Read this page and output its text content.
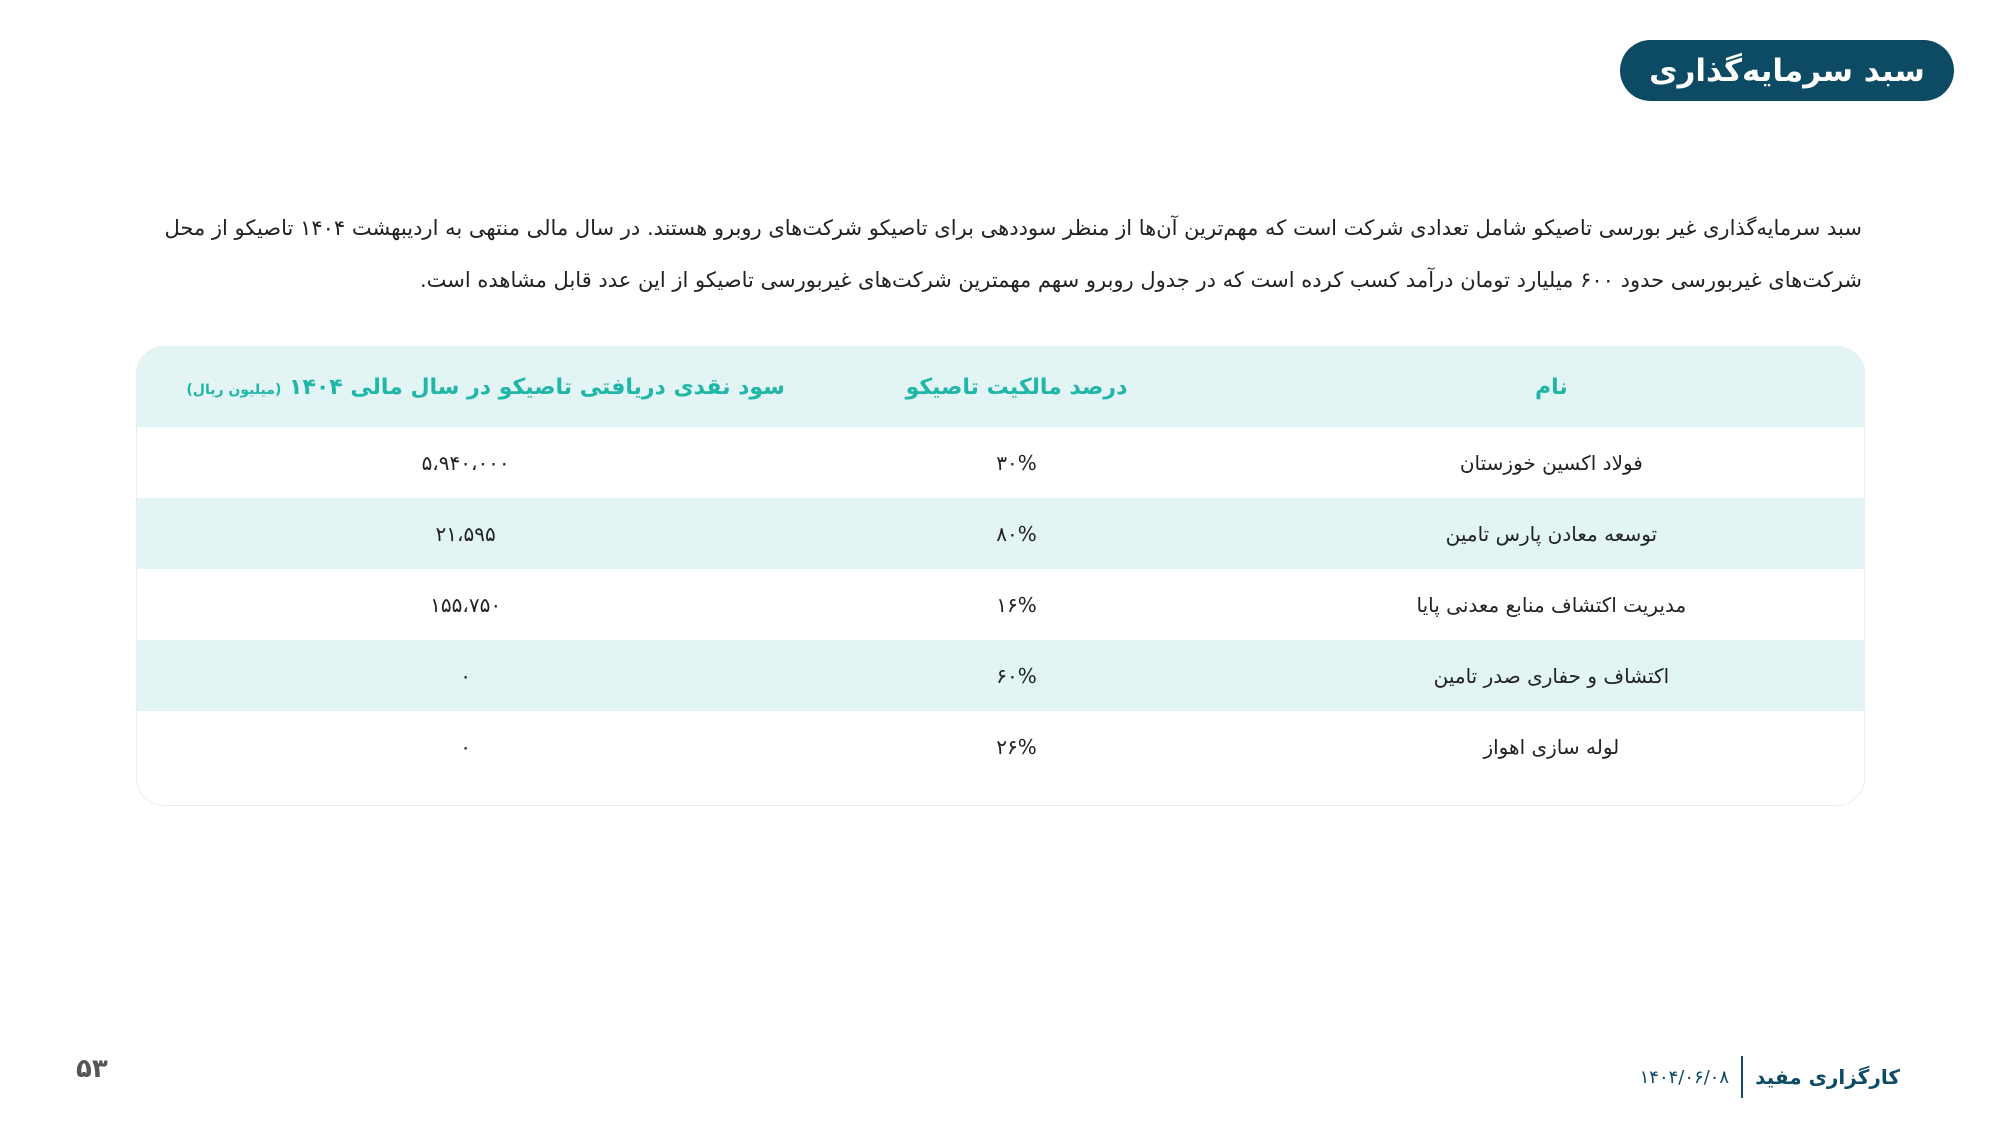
سبد سرمایه‌گذاری

سبد سرمایه‌گذاری غیر بورسی تاصیکو شامل تعدادی شرکت است که مهم‌ترین آن‌ها از منظر سوددهی برای تاصیکو شرکت‌های روبرو هستند. در سال مالی منتهی به اردیبهشت ۱۴۰۴ تاصیکو از محل شرکت‌های غیربورسی حدود ۶۰۰ میلیارد تومان درآمد کسب کرده است که در جدول روبرو سهم مهمترین شرکت‌های غیربورسی تاصیکو از این عدد قابل مشاهده است.

نام
درصد مالکیت تاصیکو
سود نقدی دریافتی تاصیکو در سال مالی ۱۴۰۴ (میلیون ریال)
فولاد اکسین خوزستان
۳۰%
۵،۹۴۰،۰۰۰
توسعه معادن پارس تامین
۸۰%
۲۱،۵۹۵
مدیریت اکتشاف منابع معدنی پایا
۱۶%
۱۵۵،۷۵۰
اکتشاف و حفاری صدر تامین
۶۰%
۰
لوله سازی اهواز
۲۶%
۰
۵۳	کارگزاری مفید
۱۴۰۴/۰۶/۰۸
